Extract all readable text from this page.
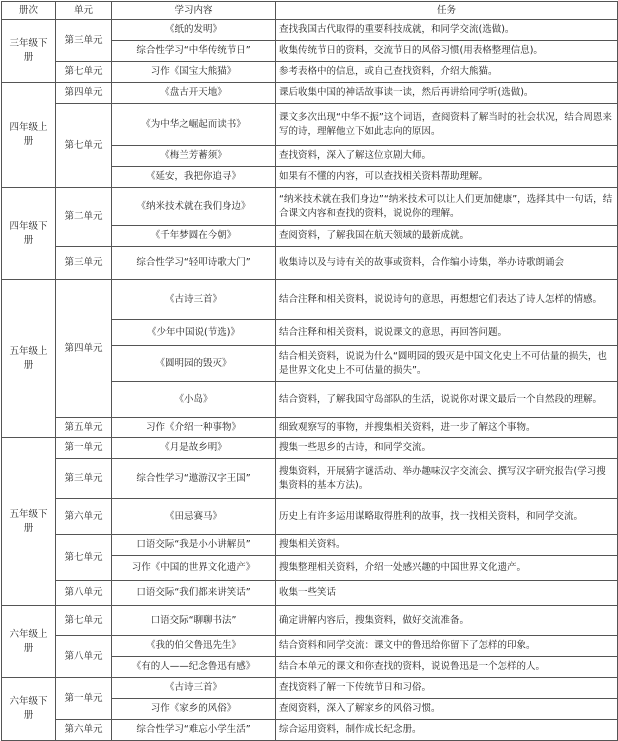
册次	单元	学习内容	任务
三年级下册	第三单元	《纸的发明》	查找我国古代取得的重要科技成就，和同学交流(选做)。
		综合性学习“中华传统节日”	收集传统节日的资料，交流节日的风俗习惯(用表格整理信息)。
	第七单元	习作《国宝大熊猫》	参考表格中的信息，或自己查找资料，介绍大熊猫。
四年级上册	第四单元	《盘古开天地》	课后收集中国的神话故事读一读，然后再讲给同学听(选做)。
	第七单元	《为中华之崛起而读书》	课文多次出现“中华不振”这个词语，查阅资料了解当时的社会状况，结合周恩来写的诗，理解他立下如此志向的原因。
		《梅兰芳蓄须》	查找资料，深入了解这位京剧大师。
		《延安，我把你追寻》	如果有不懂的内容，可以查找相关资料帮助理解。
四年级下册	第二单元	《纳米技术就在我们身边》	“纳米技术就在我们身边”“纳米技术可以让人们更加健康”，选择其中一句话，结合课文内容和查找的资料，说说你的理解。
		《千年梦圆在今朝》	查阅资料，了解我国在航天领域的最新成就。
	第三单元	综合性学习“轻叩诗歌大门”	收集诗以及与诗有关的故事或资料，合作编小诗集，举办诗歌朗诵会
五年级上册	第四单元	《古诗三首》	结合注释和相关资料，说说诗句的意思，再想想它们表达了诗人怎样的情感。
		《少年中国说(节选)》	结合注释和相关资料，说说课文的意思，再回答问题。
		《圆明园的毁灭》	结合相关资料，说说为什么“圆明园的毁灭是中国文化史上不可估量的损失，也是世界文化史上不可估量的损失”。
		《小岛》	结合资料，了解我国守岛部队的生活，说说你对课文最后一个自然段的理解。
	第五单元	习作《介绍一种事物》	细致观察写的事物，并搜集相关资料，进一步了解这个事物。
五年级下册	第一单元	《月是故乡明》	搜集一些思乡的古诗，和同学交流。
	第三单元	综合性学习“遨游汉字王国”	搜集资料，开展猜字谜活动、举办趣味汉字交流会、撰写汉字研究报告(学习搜集资料的基本方法)。
	第六单元	《田忌赛马》	历史上有许多运用谋略取得胜利的故事，找一找相关资料，和同学交流。
	第七单元	口语交际“我是小小讲解员”	搜集相关资料。
		习作《中国的世界文化遗产》	搜集整理相关资料，介绍一处感兴趣的中国世界文化遗产。
	第八单元	口语交际“我们都来讲笑话”	收集一些笑话
六年级上册	第七单元	口语交际“聊聊书法”	确定讲解内容后，搜集资料，做好交流准备。
	第八单元	《我的伯父鲁迅先生》	结合资料和同学交流：课文中的鲁迅给你留下了怎样的印象。
		《有的人——纪念鲁迅有感》	结合本单元的课文和你查找的资料，说说鲁迅是一个怎样的人。
六年级下册	第一单元	《古诗三首》	查找资料了解一下传统节日和习俗。
		习作《家乡的风俗》	查阅资料，深入了解家乡的风俗习惯。
	第六单元	综合性学习“难忘小学生活”	综合运用资料，制作成长纪念册。
